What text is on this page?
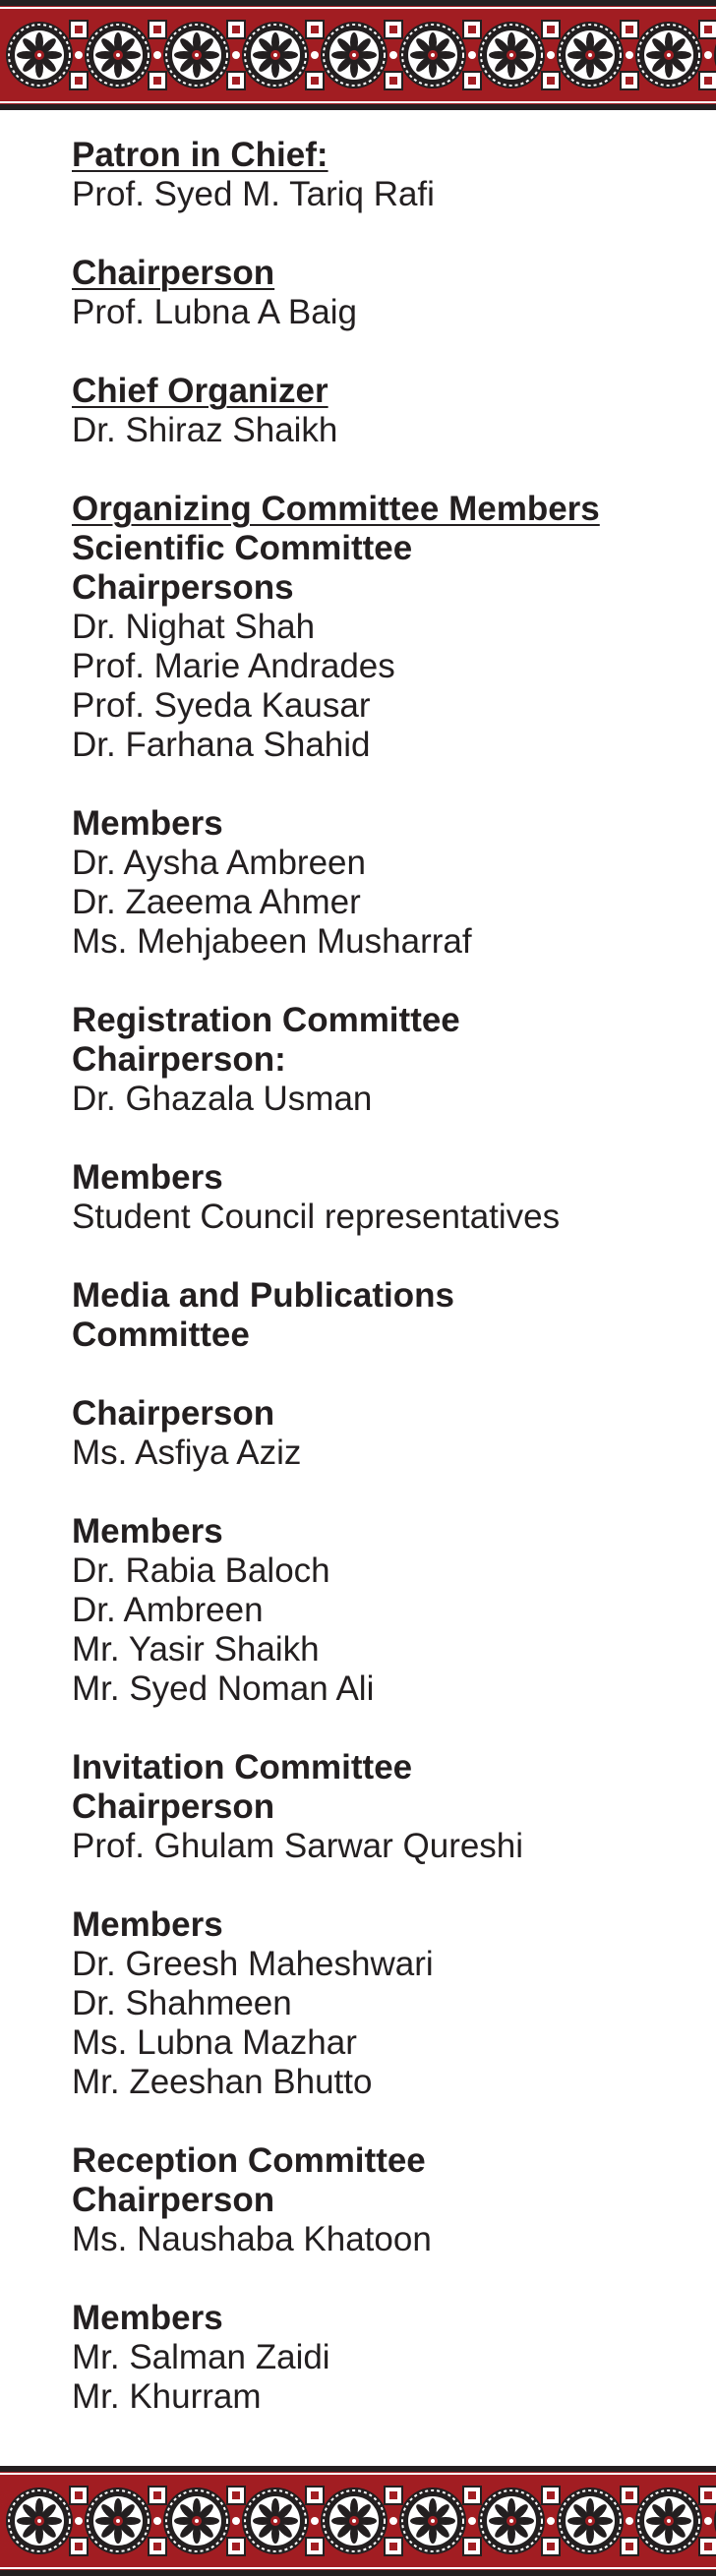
Patron in Chief:
Prof. Syed M. Tariq Rafi
Chairperson
Prof. Lubna A Baig
Chief Organizer
Dr. Shiraz Shaikh
Organizing Committee Members
Scientific Committee
Chairpersons
Dr. Nighat Shah
Prof. Marie Andrades
Prof. Syeda Kausar
Dr. Farhana Shahid
Members
Dr. Aysha Ambreen
Dr. Zaeema Ahmer
Ms. Mehjabeen Musharraf
Registration Committee
Chairperson:
Dr. Ghazala Usman
Members
Student Council representatives
Media and Publications
Committee
Chairperson
Ms. Asfiya Aziz
Members
Dr. Rabia Baloch
Dr. Ambreen
Mr. Yasir Shaikh
Mr. Syed Noman Ali
Invitation Committee
Chairperson
Prof. Ghulam Sarwar Qureshi
Members
Dr. Greesh Maheshwari
Dr. Shahmeen
Ms. Lubna Mazhar
Mr. Zeeshan Bhutto
Reception Committee
Chairperson
Ms. Naushaba Khatoon
Members
Mr. Salman Zaidi
Mr. Khurram
